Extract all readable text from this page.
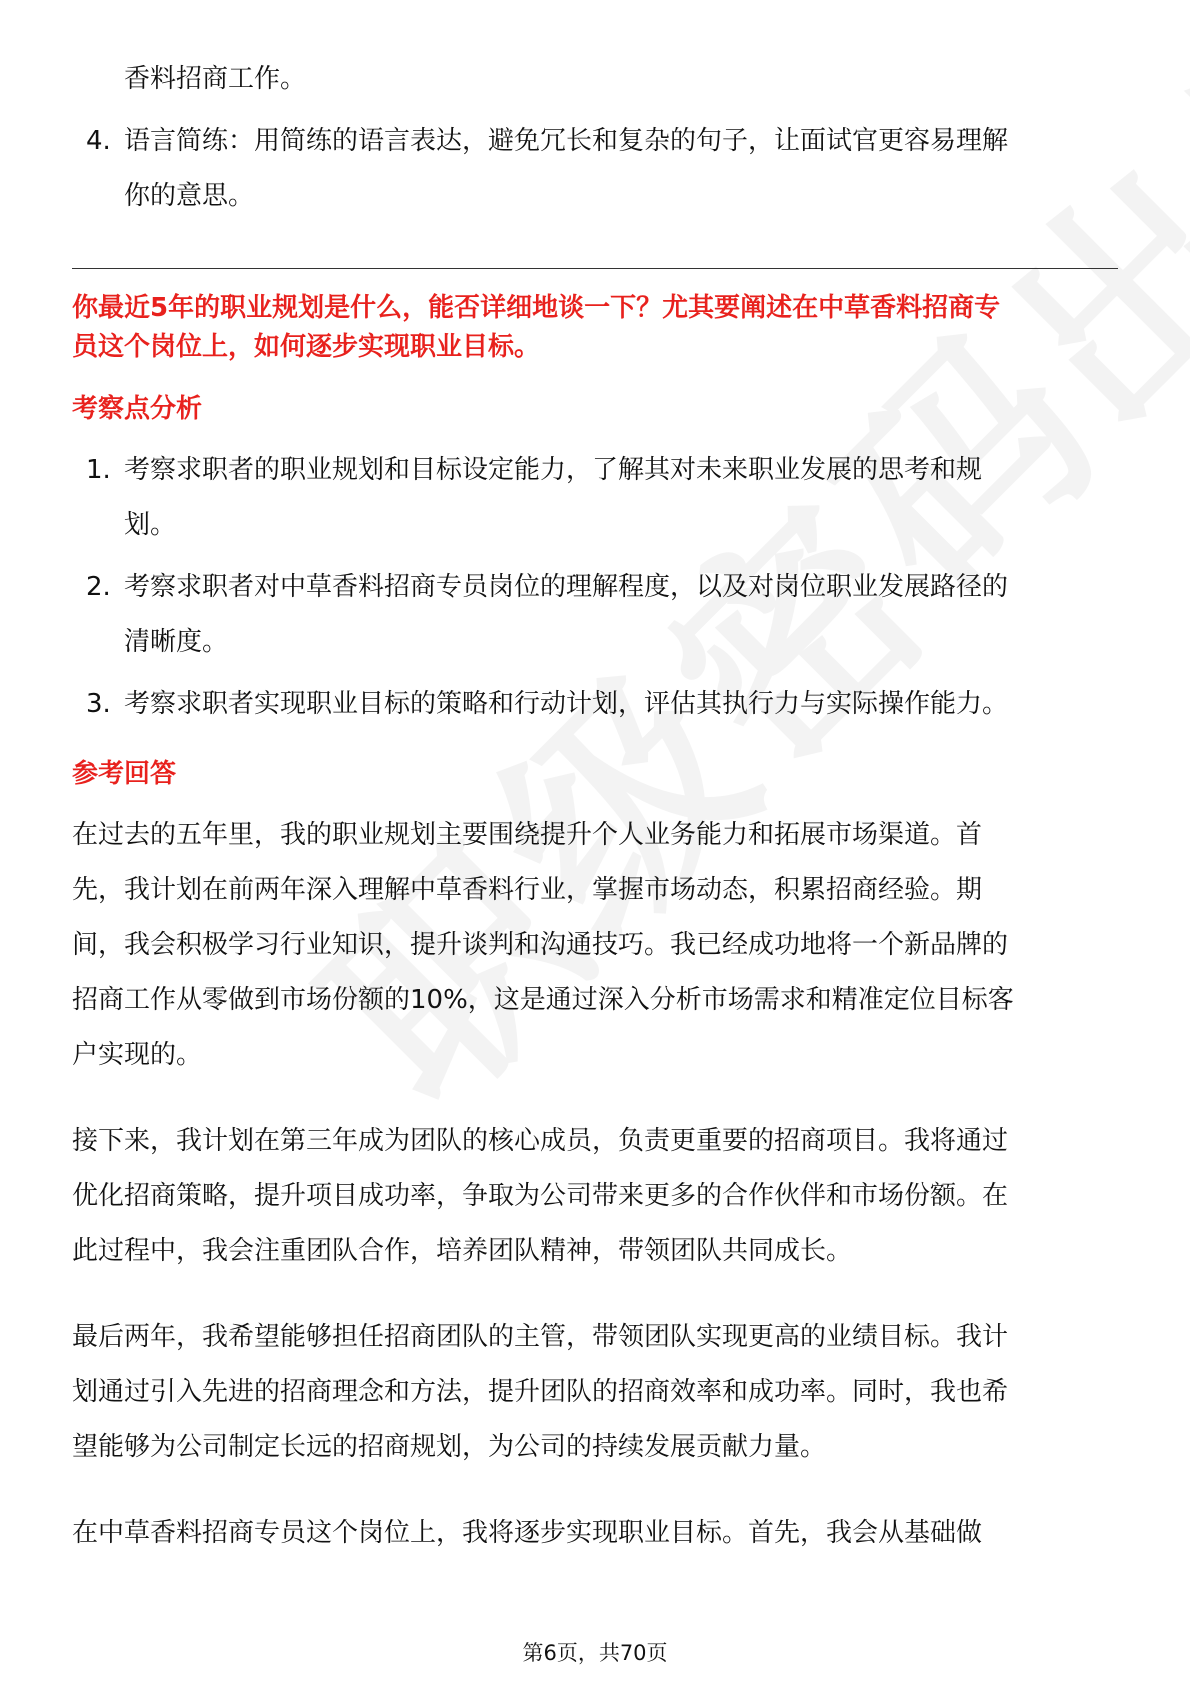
香料招商工作。
4. 语言简练：用简练的语言表达，避免冗长和复杂的句子，让面试官更容易理解
你的意思。
你最近5年的职业规划是什么，能否详细地谈一下？尤其要阐述在中草香料招商专
员这个岗位上，如何逐步实现职业目标。
考察点分析
1. 考察求职者的职业规划和目标设定能力，了解其对未来职业发展的思考和规
划。
2. 考察求职者对中草香料招商专员岗位的理解程度，以及对岗位职业发展路径的
清晰度。
3. 考察求职者实现职业目标的策略和行动计划，评估其执行力与实际操作能力。
参考回答
在过去的五年里，我的职业规划主要围绕提升个人业务能力和拓展市场渠道。首
先，我计划在前两年深入理解中草香料行业，掌握市场动态，积累招商经验。期
间，我会积极学习行业知识，提升谈判和沟通技巧。我已经成功地将一个新品牌的
招商工作从零做到市场份额的10%，这是通过深入分析市场需求和精准定位目标客
户实现的。
接下来，我计划在第三年成为团队的核心成员，负责更重要的招商项目。我将通过
优化招商策略，提升项目成功率，争取为公司带来更多的合作伙伴和市场份额。在
此过程中，我会注重团队合作，培养团队精神，带领团队共同成长。
最后两年，我希望能够担任招商团队的主管，带领团队实现更高的业绩目标。我计
划通过引入先进的招商理念和方法，提升团队的招商效率和成功率。同时，我也希
望能够为公司制定长远的招商规划，为公司的持续发展贡献力量。
在中草香料招商专员这个岗位上，我将逐步实现职业目标。首先，我会从基础做
第6页，共70页
